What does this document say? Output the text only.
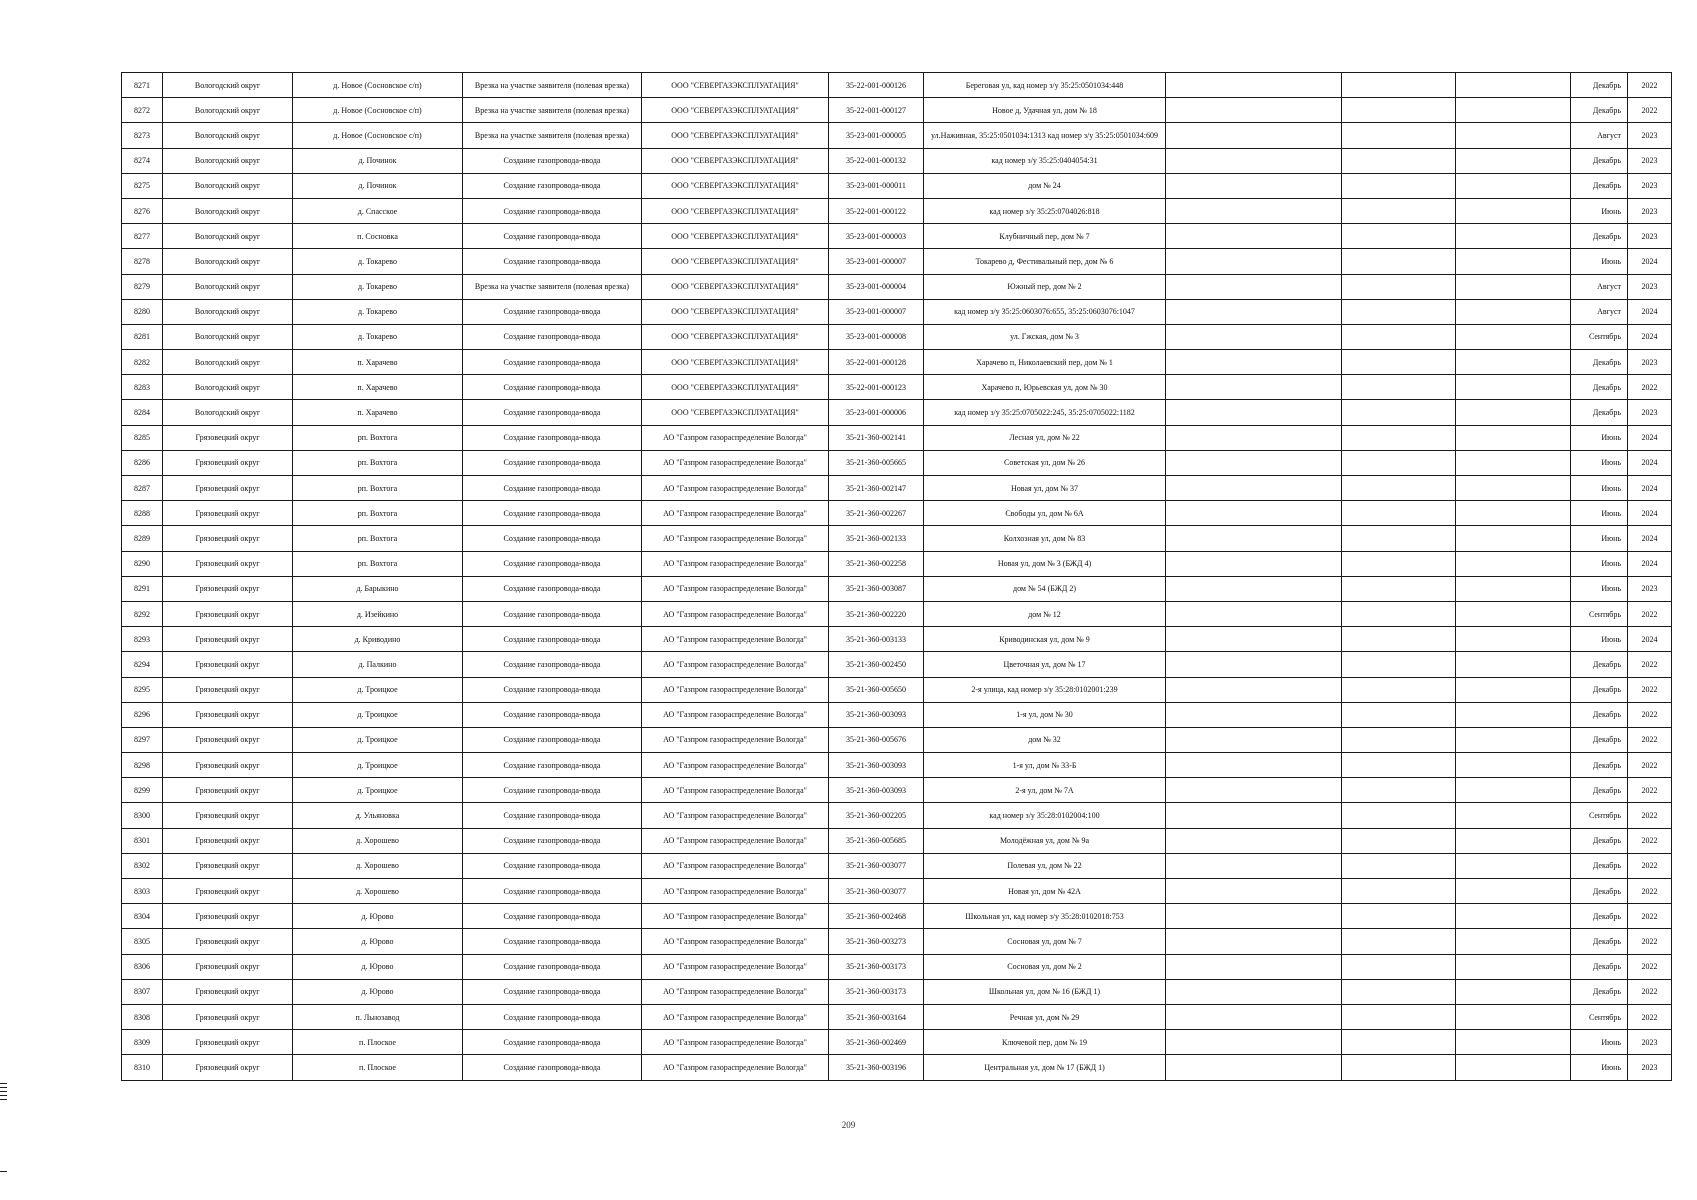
8271	Вологодский округ	д. Новое (Сосновское с/п)	Врезка на участке заявителя (полевая врезка)	ООО "СЕВЕРГАЗЭКСПЛУАТАЦИЯ"	35-22-001-000126	Береговая ул, кад номер з/у 35:25:0501034:448				Декабрь	2022
8272	Вологодский округ	д. Новое (Сосновское с/п)	Врезка на участке заявителя (полевая врезка)	ООО "СЕВЕРГАЗЭКСПЛУАТАЦИЯ"	35-22-001-000127	Новое д, Удачная ул, дом № 18				Декабрь	2022
8273	Вологодский округ	д. Новое (Сосновское с/п)	Врезка на участке заявителя (полевая врезка)	ООО "СЕВЕРГАЗЭКСПЛУАТАЦИЯ"	35-23-001-000005	ул.Наживная, 35:25:0501034:1313 кад номер з/у 35:25:0501034:609				Август	2023
8274	Вологодский округ	д. Починок	Создание газопровода-ввода	ООО "СЕВЕРГАЗЭКСПЛУАТАЦИЯ"	35-22-001-000132	кад номер з/у 35:25:0404054:31				Декабрь	2023
8275	Вологодский округ	д. Починок	Создание газопровода-ввода	ООО "СЕВЕРГАЗЭКСПЛУАТАЦИЯ"	35-23-001-000011	дом № 24				Декабрь	2023
8276	Вологодский округ	д. Спасское	Создание газопровода-ввода	ООО "СЕВЕРГАЗЭКСПЛУАТАЦИЯ"	35-22-001-000122	кад номер з/у 35:25:0704026:818				Июнь	2023
8277	Вологодский округ	п. Сосновка	Создание газопровода-ввода	ООО "СЕВЕРГАЗЭКСПЛУАТАЦИЯ"	35-23-001-000003	Клубничный пер, дом № 7				Декабрь	2023
8278	Вологодский округ	д. Токарево	Создание газопровода-ввода	ООО "СЕВЕРГАЗЭКСПЛУАТАЦИЯ"	35-23-001-000007	Токарево д, Фестивальный пер, дом № 6				Июнь	2024
8279	Вологодский округ	д. Токарево	Врезка на участке заявителя (полевая врезка)	ООО "СЕВЕРГАЗЭКСПЛУАТАЦИЯ"	35-23-001-000004	Южный пер, дом № 2				Август	2023
8280	Вологодский округ	д. Токарево	Создание газопровода-ввода	ООО "СЕВЕРГАЗЭКСПЛУАТАЦИЯ"	35-23-001-000007	кад номер з/у 35:25:0603076:655, 35:25:0603076:1047				Август	2024
8281	Вологодский округ	д. Токарево	Создание газопровода-ввода	ООО "СЕВЕРГАЗЭКСПЛУАТАЦИЯ"	35-23-001-000008	ул. Гжская, дом № 3				Сентябрь	2024
8282	Вологодский округ	п. Харачево	Создание газопровода-ввода	ООО "СЕВЕРГАЗЭКСПЛУАТАЦИЯ"	35-22-001-000128	Харачево п, Николаевский пер, дом № 1				Декабрь	2023
8283	Вологодский округ	п. Харачево	Создание газопровода-ввода	ООО "СЕВЕРГАЗЭКСПЛУАТАЦИЯ"	35-22-001-000123	Харачево п, Юрьевская ул, дом № 30				Декабрь	2022
8284	Вологодский округ	п. Харачево	Создание газопровода-ввода	ООО "СЕВЕРГАЗЭКСПЛУАТАЦИЯ"	35-23-001-000006	кад номер з/у 35:25:0705022:245, 35:25:0705022:1182				Декабрь	2023
8285	Грязовецкий округ	рп. Вохтога	Создание газопровода-ввода	АО "Газпром газораспределение Вологда"	35-21-360-002141	Лесная ул, дом № 22				Июнь	2024
8286	Грязовецкий округ	рп. Вохтога	Создание газопровода-ввода	АО "Газпром газораспределение Вологда"	35-21-360-005665	Советская ул, дом № 26				Июнь	2024
8287	Грязовецкий округ	рп. Вохтога	Создание газопровода-ввода	АО "Газпром газораспределение Вологда"	35-21-360-002147	Новая ул, дом № 37				Июнь	2024
8288	Грязовецкий округ	рп. Вохтога	Создание газопровода-ввода	АО "Газпром газораспределение Вологда"	35-21-360-002267	Свободы ул, дом № 6А				Июнь	2024
8289	Грязовецкий округ	рп. Вохтога	Создание газопровода-ввода	АО "Газпром газораспределение Вологда"	35-21-360-002133	Колхозная ул, дом № 83				Июнь	2024
8290	Грязовецкий округ	рп. Вохтога	Создание газопровода-ввода	АО "Газпром газораспределение Вологда"	35-21-360-002258	Новая ул, дом № 3 (БЖД 4)				Июнь	2024
8291	Грязовецкий округ	д. Барыкино	Создание газопровода-ввода	АО "Газпром газораспределение Вологда"	35-21-360-003087	дом № 54 (БЖД 2)				Июнь	2023
8292	Грязовецкий округ	д. Изейкино	Создание газопровода-ввода	АО "Газпром газораспределение Вологда"	35-21-360-002220	дом № 12				Сентябрь	2022
8293	Грязовецкий округ	д. Криводино	Создание газопровода-ввода	АО "Газпром газораспределение Вологда"	35-21-360-003133	Криводинская ул, дом № 9				Июнь	2024
8294	Грязовецкий округ	д. Палкино	Создание газопровода-ввода	АО "Газпром газораспределение Вологда"	35-21-360-002450	Цветочная ул, дом № 17				Декабрь	2022
8295	Грязовецкий округ	д. Троицкое	Создание газопровода-ввода	АО "Газпром газораспределение Вологда"	35-21-360-005650	2-я улица, кад номер з/у 35:28:0102001:239				Декабрь	2022
8296	Грязовецкий округ	д. Троицкое	Создание газопровода-ввода	АО "Газпром газораспределение Вологда"	35-21-360-003093	1-я ул, дом № 30				Декабрь	2022
8297	Грязовецкий округ	д. Троицкое	Создание газопровода-ввода	АО "Газпром газораспределение Вологда"	35-21-360-005676	дом № 32				Декабрь	2022
8298	Грязовецкий округ	д. Троицкое	Создание газопровода-ввода	АО "Газпром газораспределение Вологда"	35-21-360-003093	1-я ул, дом № 33-Б				Декабрь	2022
8299	Грязовецкий округ	д. Троицкое	Создание газопровода-ввода	АО "Газпром газораспределение Вологда"	35-21-360-003093	2-я ул, дом № 7А				Декабрь	2022
8300	Грязовецкий округ	д. Ульяновка	Создание газопровода-ввода	АО "Газпром газораспределение Вологда"	35-21-360-002205	кад номер з/у 35:28:0102004:100				Сентябрь	2022
8301	Грязовецкий округ	д. Хорошево	Создание газопровода-ввода	АО "Газпром газораспределение Вологда"	35-21-360-005685	Молодёжная ул, дом № 9а				Декабрь	2022
8302	Грязовецкий округ	д. Хорошево	Создание газопровода-ввода	АО "Газпром газораспределение Вологда"	35-21-360-003077	Полевая ул, дом № 22				Декабрь	2022
8303	Грязовецкий округ	д. Хорошево	Создание газопровода-ввода	АО "Газпром газораспределение Вологда"	35-21-360-003077	Новая ул, дом № 42А				Декабрь	2022
8304	Грязовецкий округ	д. Юрово	Создание газопровода-ввода	АО "Газпром газораспределение Вологда"	35-21-360-002468	Школьная ул, кад номер з/у 35:28:0102018:753				Декабрь	2022
8305	Грязовецкий округ	д. Юрово	Создание газопровода-ввода	АО "Газпром газораспределение Вологда"	35-21-360-003273	Сосновая ул, дом № 7				Декабрь	2022
8306	Грязовецкий округ	д. Юрово	Создание газопровода-ввода	АО "Газпром газораспределение Вологда"	35-21-360-003173	Сосновая ул, дом № 2				Декабрь	2022
8307	Грязовецкий округ	д. Юрово	Создание газопровода-ввода	АО "Газпром газораспределение Вологда"	35-21-360-003173	Школьная ул, дом № 16 (БЖД 1)				Декабрь	2022
8308	Грязовецкий округ	п. Льнозавод	Создание газопровода-ввода	АО "Газпром газораспределение Вологда"	35-21-360-003164	Речная ул, дом № 29				Сентябрь	2022
8309	Грязовецкий округ	п. Плоское	Создание газопровода-ввода	АО "Газпром газораспределение Вологда"	35-21-360-002469	Ключевой пер, дом № 19				Июнь	2023
8310	Грязовецкий округ	п. Плоское	Создание газопровода-ввода	АО "Газпром газораспределение Вологда"	35-21-360-003196	Центральная ул, дом № 17 (БЖД 1)				Июнь	2023
209
